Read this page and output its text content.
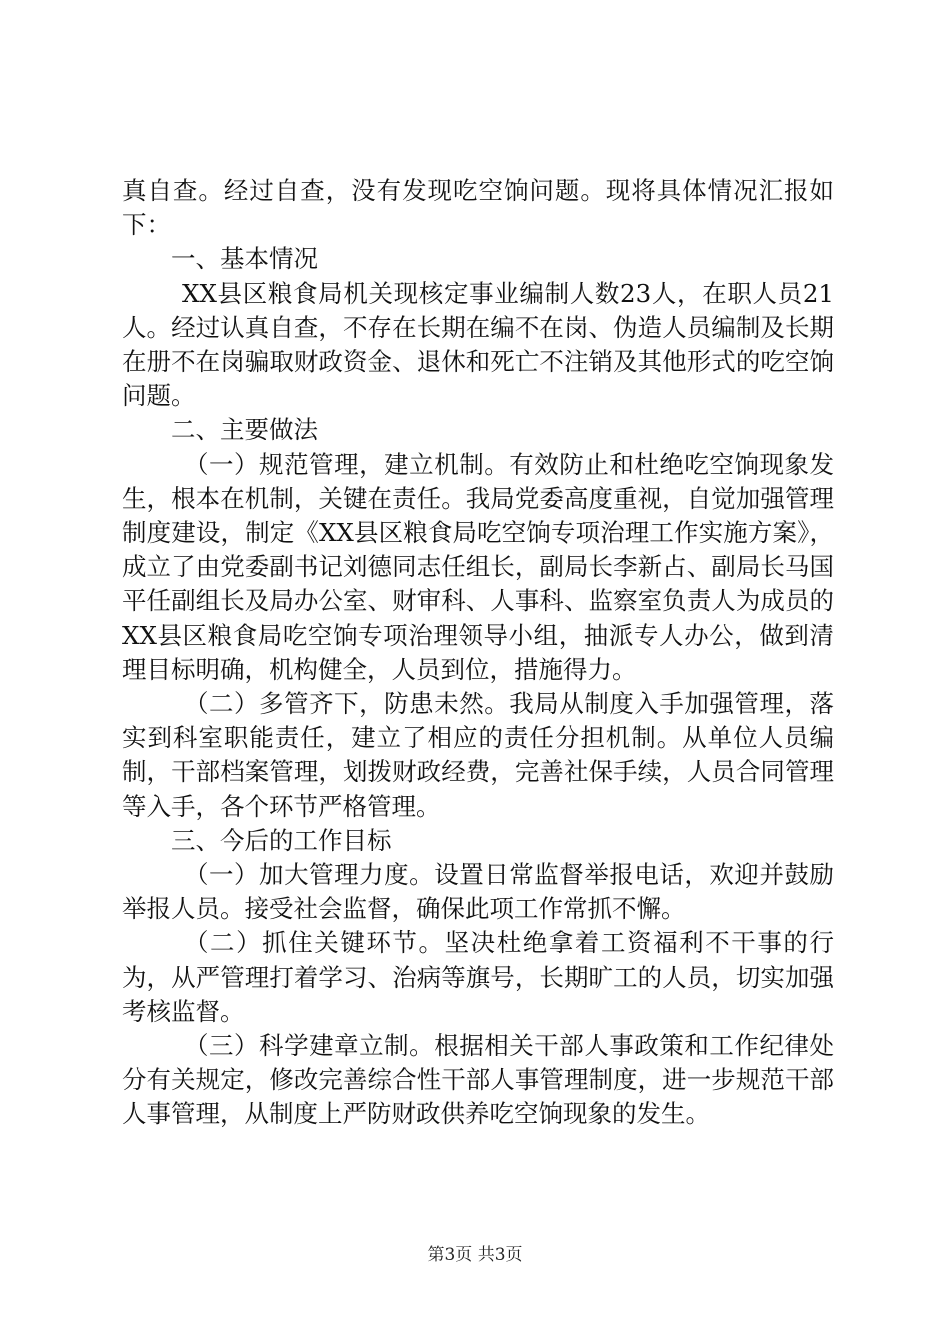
真自查。经过自查，没有发现吃空饷问题。现将具体情况汇报如下：

一、基本情况

XX县区粮食局机关现核定事业编制人数23人，在职人员21人。经过认真自查，不存在长期在编不在岗、伪造人员编制及长期在册不在岗骗取财政资金、退休和死亡不注销及其他形式的吃空饷问题。

二、主要做法

（一）规范管理，建立机制。有效防止和杜绝吃空饷现象发生，根本在机制，关键在责任。我局党委高度重视，自觉加强管理制度建设，制定《XX县区粮食局吃空饷专项治理工作实施方案》，成立了由党委副书记刘德同志任组长，副局长李新占、副局长马国平任副组长及局办公室、财审科、人事科、监察室负责人为成员的XX县区粮食局吃空饷专项治理领导小组，抽派专人办公，做到清理目标明确，机构健全，人员到位，措施得力。

（二）多管齐下，防患未然。我局从制度入手加强管理，落实到科室职能责任，建立了相应的责任分担机制。从单位人员编制，干部档案管理，划拨财政经费，完善社保手续，人员合同管理等入手，各个环节严格管理。

三、今后的工作目标

（一）加大管理力度。设置日常监督举报电话，欢迎并鼓励举报人员。接受社会监督，确保此项工作常抓不懈。

（二）抓住关键环节。坚决杜绝拿着工资福利不干事的行为，从严管理打着学习、治病等旗号，长期旷工的人员，切实加强考核监督。

（三）科学建章立制。根据相关干部人事政策和工作纪律处分有关规定，修改完善综合性干部人事管理制度，进一步规范干部人事管理，从制度上严防财政供养吃空饷现象的发生。

第3页 共3页
